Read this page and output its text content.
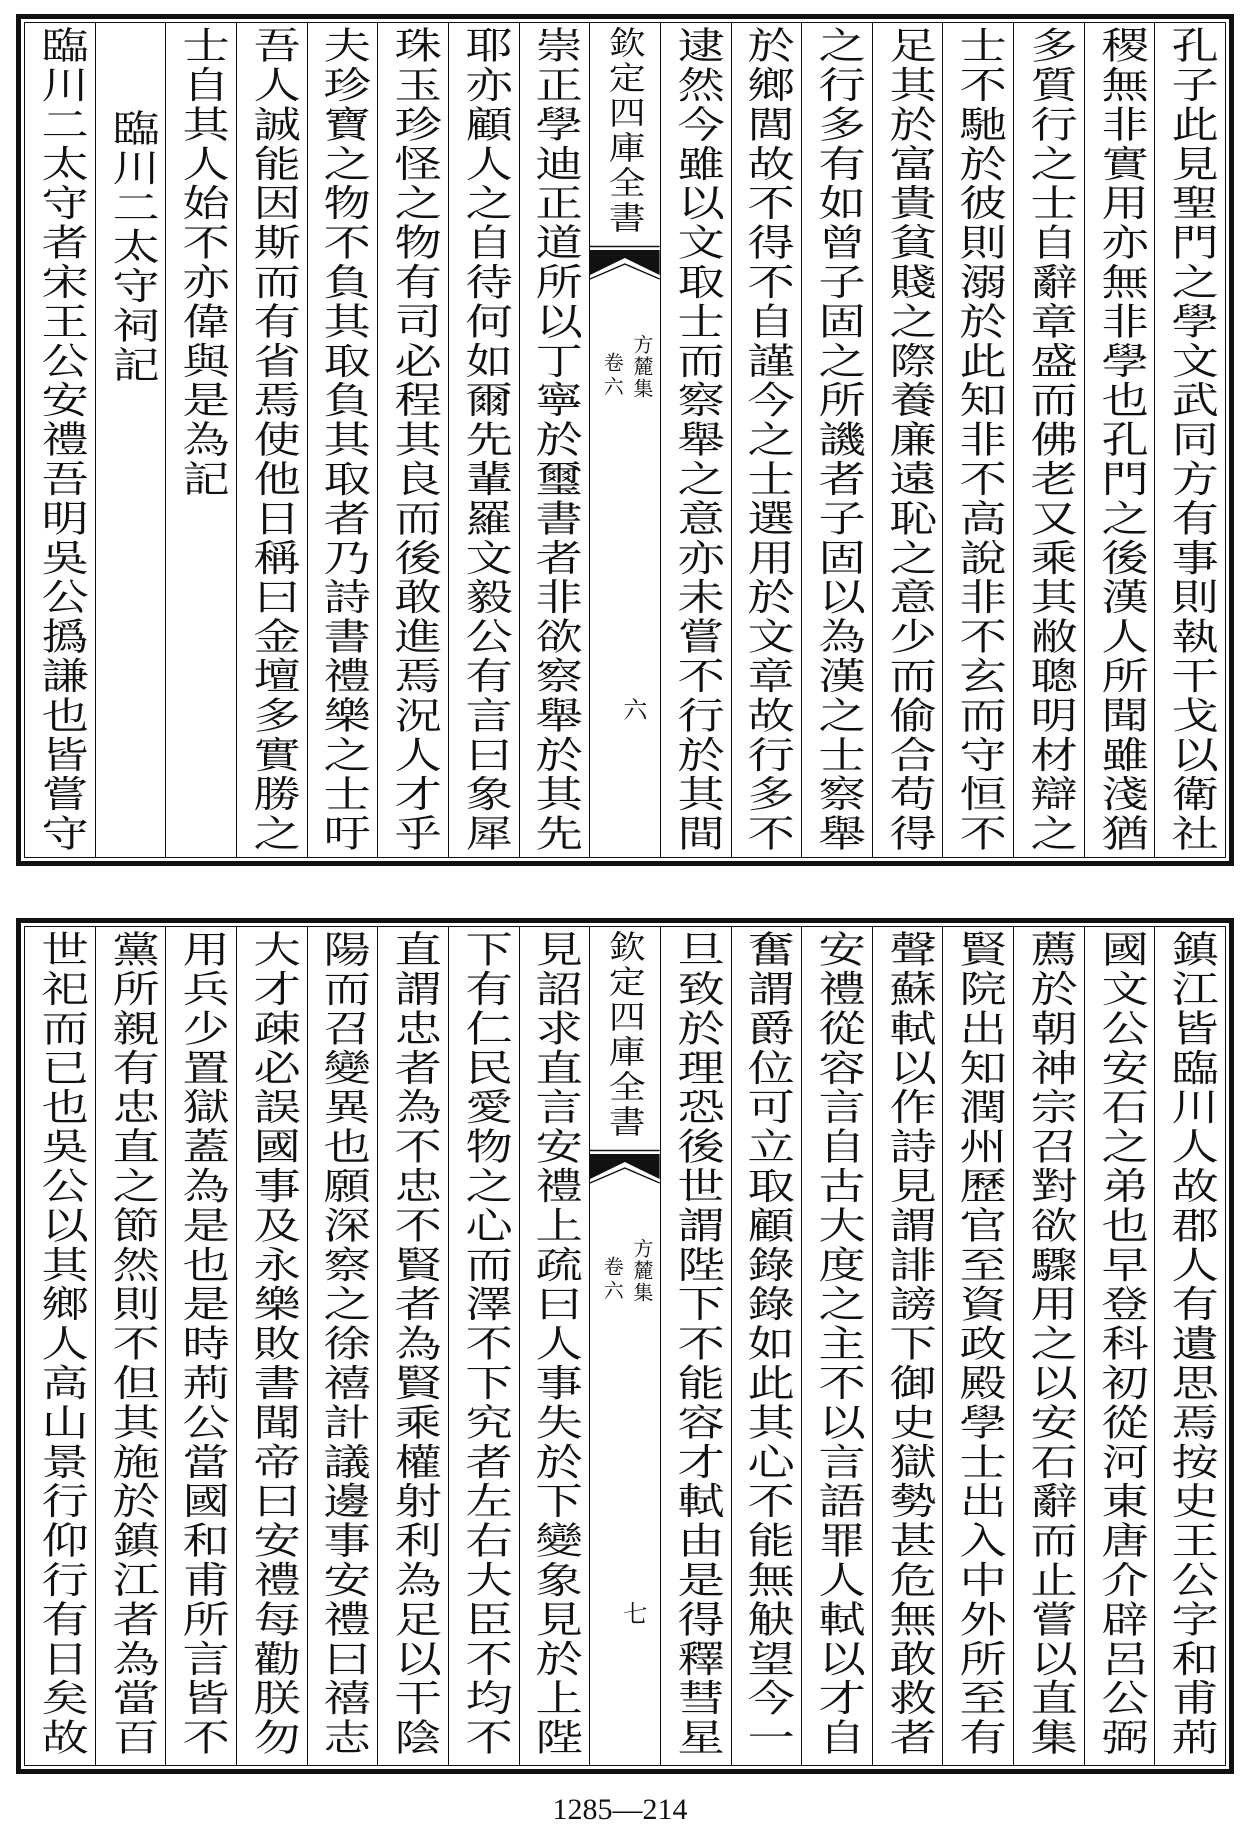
孔子此見聖門之學文武同方有事則執干戈以衛社
稷無非實用亦無非學也孔門之後漢人所聞雖淺猶
多質行之士自辭章盛而佛老又乘其敝聰明材辯之
士不馳於彼則溺於此知非不高說非不玄而守恒不
足其於富貴貧賤之際養廉遠恥之意少而偷合苟得
之行多有如曾子固之所譏者子固以為漢之士察舉
於鄉閭故不得不自謹今之士選用於文章故行多不
逮然今雖以文取士而察舉之意亦未嘗不行於其間
欽定四庫全書
方麓集
卷六
六
崇正學迪正道所以丁寧於璽書者非欲察舉於其先
耶亦顧人之自待何如爾先輩羅文毅公有言曰象犀
珠玉珍怪之物有司必程其良而後敢進焉況人才乎
夫珍寶之物不負其取負其取者乃詩書禮樂之士吁
吾人誠能因斯而有省焉使他日稱曰金壇多實勝之
士自其人始不亦偉與是為記
臨川二太守祠記
臨川二太守者宋王公安禮吾明吳公撝謙也皆嘗守
鎮江皆臨川人故郡人有遺思焉按史王公字和甫荊
國文公安石之弟也早登科初從河東唐介辟呂公弼
薦於朝神宗召對欲驟用之以安石辭而止嘗以直集
賢院出知潤州歷官至資政殿學士出入中外所至有
聲蘇軾以作詩見謂誹謗下御史獄勢甚危無敢救者
安禮從容言自古大度之主不以言語罪人軾以才自
奮謂爵位可立取顧錄錄如此其心不能無觖望今一
旦致於理恐後世謂陛下不能容才軾由是得釋彗星
欽定四庫全書
方麓集
卷六
七
見詔求直言安禮上疏曰人事失於下變象見於上陛
下有仁民愛物之心而澤不下究者左右大臣不均不
直謂忠者為不忠不賢者為賢乘權射利為足以干陰
陽而召變異也願深察之徐禧計議邊事安禮曰禧志
大才疎必誤國事及永樂敗書聞帝曰安禮每勸朕勿
用兵少置獄蓋為是也是時荊公當國和甫所言皆不
黨所親有忠直之節然則不但其施於鎮江者為當百
世祀而已也吳公以其鄉人高山景行仰行有日矣故
1285—214
